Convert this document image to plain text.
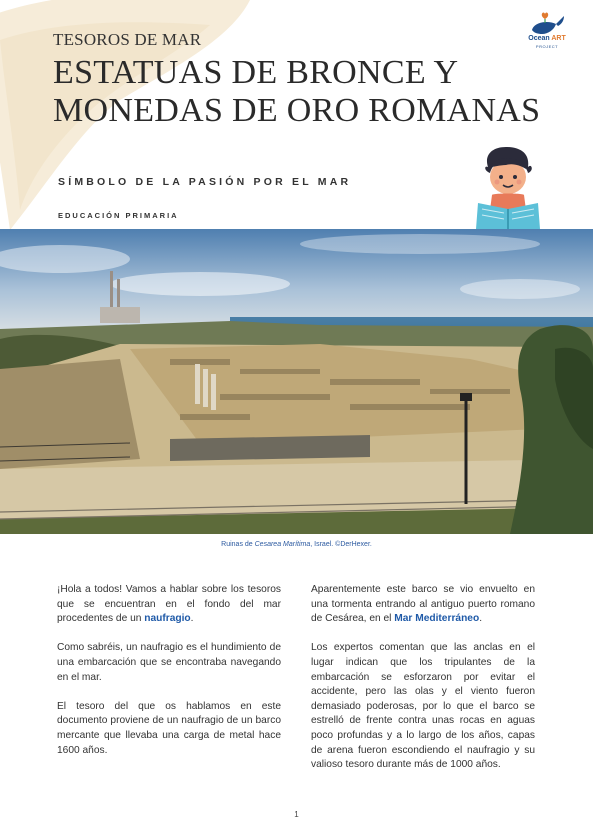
TESOROS DE MAR
ESTATUAS DE BRONCE Y
MONEDAS DE ORO ROMANAS
SÍMBOLO DE LA PASIÓN POR EL MAR
EDUCACIÓN PRIMARIA
Ocean ART
PROJECT
Ruinas de Cesarea Marítima, Israel. ©DerHexer.

¡Hola a todos! Vamos a hablar sobre los tesoros que se encuentran en el fondo del mar procedentes de un naufragio.

Como sabréis, un naufragio es el hundimiento de una embarcación que se encontraba navegando en el mar.

El tesoro del que os hablamos en este documento proviene de un naufragio de un barco mercante que llevaba una carga de metal hace 1600 años.

Aparentemente este barco se vio envuelto en una tormenta entrando al antiguo puerto romano de Cesárea, en el Mar Mediterráneo.

Los expertos comentan que las anclas en el lugar indican que los tripulantes de la embarcación se esforzaron por evitar el accidente, pero las olas y el viento fueron demasiado poderosas, por lo que el barco se estrelló de frente contra unas rocas en aguas poco profundas y a lo largo de los años, capas de arena fueron escondiendo el naufragio y su valioso tesoro durante más de 1000 años.

1
